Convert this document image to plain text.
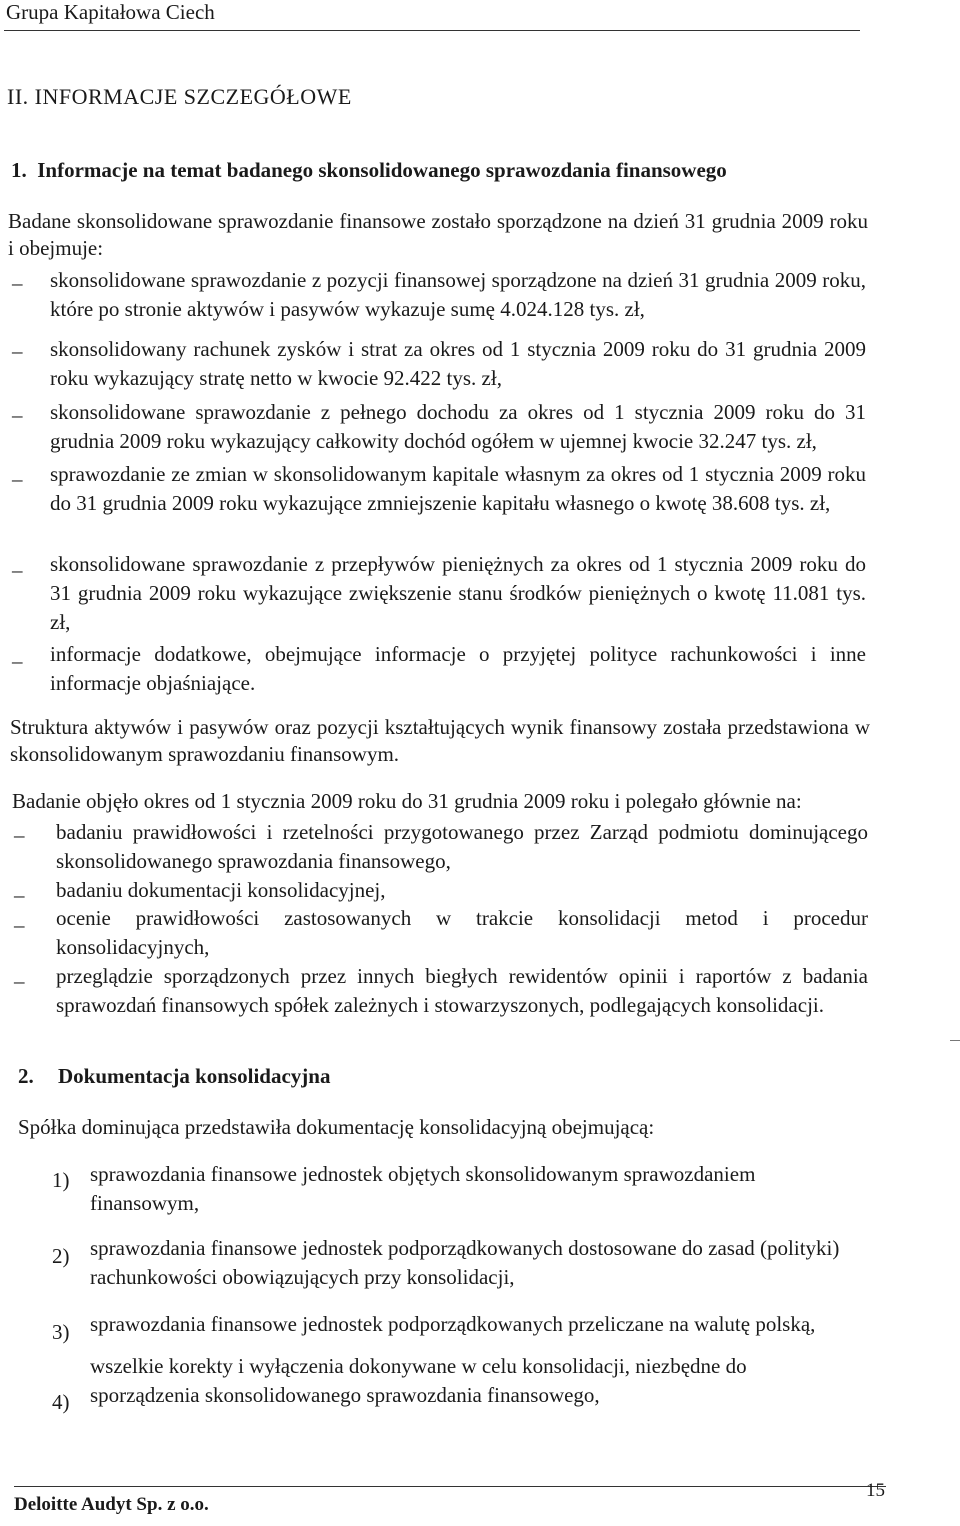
Grupa Kapitałowa Ciech
II. INFORMACJE SZCZEGÓŁOWE
1. Informacje na temat badanego skonsolidowanego sprawozdania finansowego
Badane skonsolidowane sprawozdanie finansowe zostało sporządzone na dzień 31 grudnia 2009 roku i obejmuje:
– skonsolidowane sprawozdanie z pozycji finansowej sporządzone na dzień 31 grudnia 2009 roku, które po stronie aktywów i pasywów wykazuje sumę 4.024.128 tys. zł,
– skonsolidowany rachunek zysków i strat za okres od 1 stycznia 2009 roku do 31 grudnia 2009 roku wykazujący stratę netto w kwocie 92.422 tys. zł,
– skonsolidowane sprawozdanie z pełnego dochodu za okres od 1 stycznia 2009 roku do 31 grudnia 2009 roku wykazujący całkowity dochód ogółem w ujemnej kwocie 32.247 tys. zł,
– sprawozdanie ze zmian w skonsolidowanym kapitale własnym za okres od 1 stycznia 2009 roku do 31 grudnia 2009 roku wykazujące zmniejszenie kapitału własnego o kwotę 38.608 tys. zł,
– skonsolidowane sprawozdanie z przepływów pieniężnych za okres od 1 stycznia 2009 roku do 31 grudnia 2009 roku wykazujące zwiększenie stanu środków pieniężnych o kwotę 11.081 tys. zł,
– informacje dodatkowe, obejmujące informacje o przyjętej polityce rachunkowości i inne informacje objaśniające.
Struktura aktywów i pasywów oraz pozycji kształtujących wynik finansowy została przedstawiona w skonsolidowanym sprawozdaniu finansowym.
Badanie objęło okres od 1 stycznia 2009 roku do 31 grudnia 2009 roku i polegało głównie na:
– badaniu prawidłowości i rzetelności przygotowanego przez Zarząd podmiotu dominującego skonsolidowanego sprawozdania finansowego,
– badaniu dokumentacji konsolidacyjnej,
– ocenie prawidłowości zastosowanych w trakcie konsolidacji metod i procedur konsolidacyjnych,
– przeglądzie sporządzonych przez innych biegłych rewidentów opinii i raportów z badania sprawozdań finansowych spółek zależnych i stowarzyszonych, podlegających konsolidacji.
2. Dokumentacja konsolidacyjna
Spółka dominująca przedstawiła dokumentację konsolidacyjną obejmującą:
1) sprawozdania finansowe jednostek objętych skonsolidowanym sprawozdaniem finansowym,
2) sprawozdania finansowe jednostek podporządkowanych dostosowane do zasad (polityki) rachunkowości obowiązujących przy konsolidacji,
3) sprawozdania finansowe jednostek podporządkowanych przeliczane na walutę polską,
4)
wszelkie korekty i wyłączenia dokonywane w celu konsolidacji, niezbędne do sporządzenia skonsolidowanego sprawozdania finansowego,
Deloitte Audyt Sp. z o.o.
15
